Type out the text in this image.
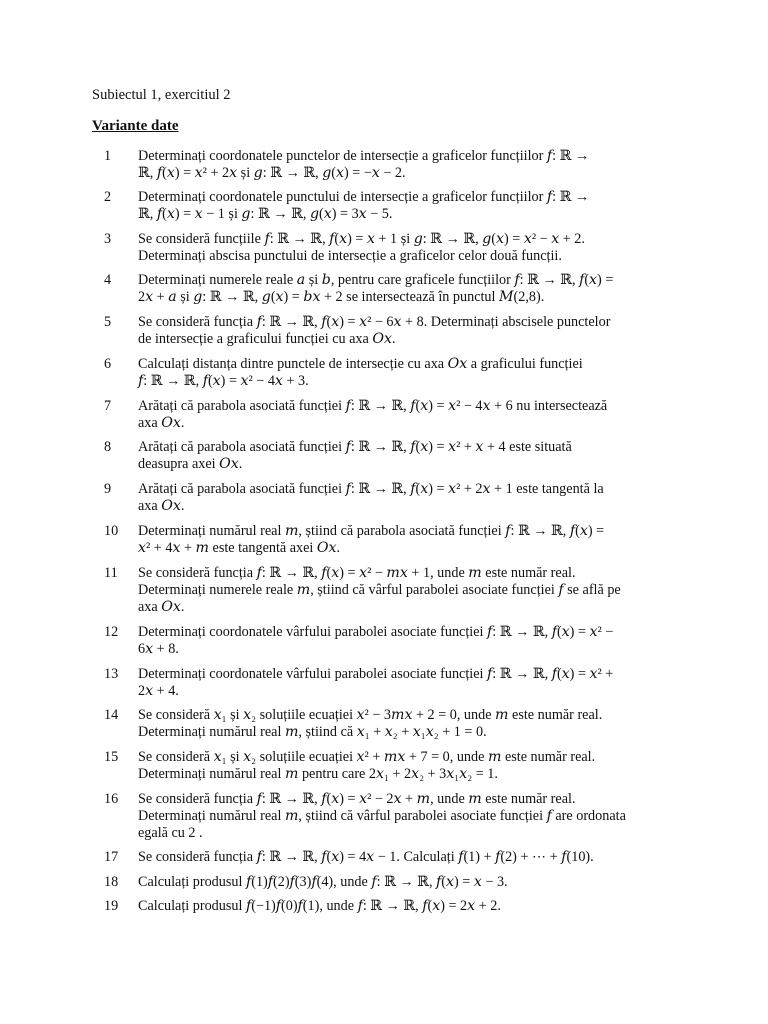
Subiectul 1, exercitiul 2
Variante date
1	Determinați coordonatele punctelor de intersecție a graficelor funcțiilor 𝑓: ℝ →
ℝ, 𝑓(𝑥) = 𝑥² + 2𝑥 și 𝑔: ℝ → ℝ, 𝑔(𝑥) = −𝑥 − 2.
2	Determinați coordonatele punctului de intersecție a graficelor funcțiilor 𝑓: ℝ →
ℝ, 𝑓(𝑥) = 𝑥 − 1 și 𝑔: ℝ → ℝ, 𝑔(𝑥) = 3𝑥 − 5.
3	Se consideră funcțiile 𝑓: ℝ → ℝ, 𝑓(𝑥) = 𝑥 + 1 și 𝑔: ℝ → ℝ, 𝑔(𝑥) = 𝑥² − 𝑥 + 2.
Determinați abscisa punctului de intersecție a graficelor celor două funcții.
4	Determinați numerele reale 𝑎 și 𝑏, pentru care graficele funcțiilor 𝑓: ℝ → ℝ, 𝑓(𝑥) =
2𝑥 + 𝑎 și 𝑔: ℝ → ℝ, 𝑔(𝑥) = 𝑏𝑥 + 2 se intersectează în punctul 𝑀(2,8).
5	Se consideră funcția 𝑓: ℝ → ℝ, 𝑓(𝑥) = 𝑥² − 6𝑥 + 8. Determinați abscisele punctelor
de intersecție a graficului funcției cu axa 𝑂𝑥.
6	Calculați distanța dintre punctele de intersecție cu axa 𝑂𝑥 a graficului funcției
𝑓: ℝ → ℝ, 𝑓(𝑥) = 𝑥² − 4𝑥 + 3.
7	Arătați că parabola asociată funcției 𝑓: ℝ → ℝ, 𝑓(𝑥) = 𝑥² − 4𝑥 + 6 nu intersectează
axa 𝑂𝑥.
8	Arătați că parabola asociată funcției 𝑓: ℝ → ℝ, 𝑓(𝑥) = 𝑥² + 𝑥 + 4 este situată
deasupra axei 𝑂𝑥.
9	Arătați că parabola asociată funcției 𝑓: ℝ → ℝ, 𝑓(𝑥) = 𝑥² + 2𝑥 + 1 este tangentă la
axa 𝑂𝑥.
10	Determinați numărul real 𝑚, știind că parabola asociată funcției 𝑓: ℝ → ℝ, 𝑓(𝑥) =
𝑥² + 4𝑥 + 𝑚 este tangentă axei 𝑂𝑥.
11	Se consideră funcția 𝑓: ℝ → ℝ, 𝑓(𝑥) = 𝑥² − 𝑚𝑥 + 1, unde 𝑚 este număr real.
Determinați numerele reale 𝑚, știind că vârful parabolei asociate funcției 𝑓 se află pe
axa 𝑂𝑥.
12	Determinați coordonatele vârfului parabolei asociate funcției 𝑓: ℝ → ℝ, 𝑓(𝑥) = 𝑥² −
6𝑥 + 8.
13	Determinați coordonatele vârfului parabolei asociate funcției 𝑓: ℝ → ℝ, 𝑓(𝑥) = 𝑥² +
2𝑥 + 4.
14	Se consideră 𝑥₁ și 𝑥₂ soluțiile ecuației 𝑥² − 3𝑚𝑥 + 2 = 0, unde 𝑚 este număr real.
Determinați numărul real 𝑚, știind că 𝑥₁ + 𝑥₂ + 𝑥₁𝑥₂ + 1 = 0.
15	Se consideră 𝑥₁ și 𝑥₂ soluțiile ecuației 𝑥² + 𝑚𝑥 + 7 = 0, unde 𝑚 este număr real.
Determinați numărul real 𝑚 pentru care 2𝑥₁ + 2𝑥₂ + 3𝑥₁𝑥₂ = 1.
16	Se consideră funcția 𝑓: ℝ → ℝ, 𝑓(𝑥) = 𝑥² − 2𝑥 + 𝑚, unde 𝑚 este număr real.
Determinați numărul real 𝑚, știind că vârful parabolei asociate funcției 𝑓 are ordonata
egală cu 2 .
17	Se consideră funcția 𝑓: ℝ → ℝ, 𝑓(𝑥) = 4𝑥 − 1. Calculați 𝑓(1) + 𝑓(2) + ⋯ + 𝑓(10).
18	Calculați produsul 𝑓(1)𝑓(2)𝑓(3)𝑓(4), unde 𝑓: ℝ → ℝ, 𝑓(𝑥) = 𝑥 − 3.
19	Calculați produsul 𝑓(−1)𝑓(0)𝑓(1), unde 𝑓: ℝ → ℝ, 𝑓(𝑥) = 2𝑥 + 2.
